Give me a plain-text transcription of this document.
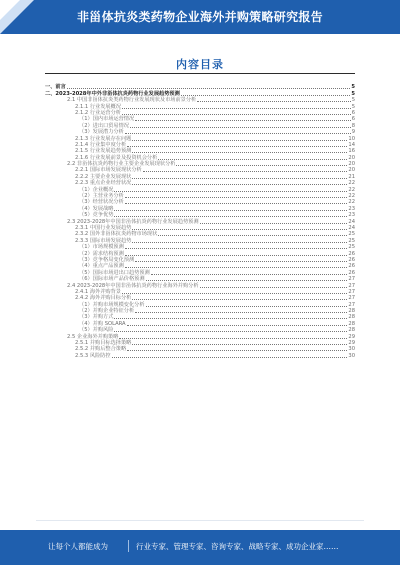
非甾体抗炎类药物企业海外并购策略研究报告
内容目录
一、前言	5
二、2023-2028年中外非甾体抗炎药物行业发展趋势预测	5
2.1 中国非甾体抗炎类药物行业发展现状及市场前景分析	5
2.1.1 行业发展概况	5
2.1.2 行业运营分析	6
（1）国内市场运营情况	6
（2）进出口贸易情况	8
（3）发展潜力分析	9
2.1.3 行业发展存在问题	10
2.1.4 行业集中度分析	14
2.1.5 行业发展趋势预测	16
2.1.6 行业发展前景及投资机会分析	20
2.2 非甾体抗炎药物行业主要企业发展现状分析	20
2.2.1 国际市场发展现状分析	20
2.2.2 主要企业发展现状	21
2.2.3 重点企业经营状况	22
（1）企业概况	22
（2）主营业务分析	22
（3）经营状况分析	22
（4）发展战略	23
（5）竞争优势	23
2.3 2023-2028年中国非甾体抗炎药物行业发展趋势预测	24
2.3.1 中国行业发展趋势	24
2.3.2 国外非甾体抗炎药物市场现状	25
2.3.3 国际市场发展趋势	25
（1）市场规模预测	25
（2）需求结构预测	26
（3）竞争格局变化预测	26
（4）重点产品预测	26
（5）国际市场进出口趋势预测	26
（6）国际市场产品价格预测	27
2.4 2023-2028年中国非甾体抗炎药物行业海外并购分析	27
2.4.1 海外并购背景	27
2.4.2 海外并购目标分析	27
（1）并购市场规模变化分析	27
（2）并购企业特征分析	28
（3）并购方式	28
（4）并购 SOLARA	28
（5）并购风险	28
2.5 企业海外并购策略	29
2.5.1 并购目标选择策略	29
2.5.2 并购后整合策略	30
2.5.3 风险防控	30
让每个人都能成为	行业专家、管理专家、咨询专家、战略专家、成功企业家……
